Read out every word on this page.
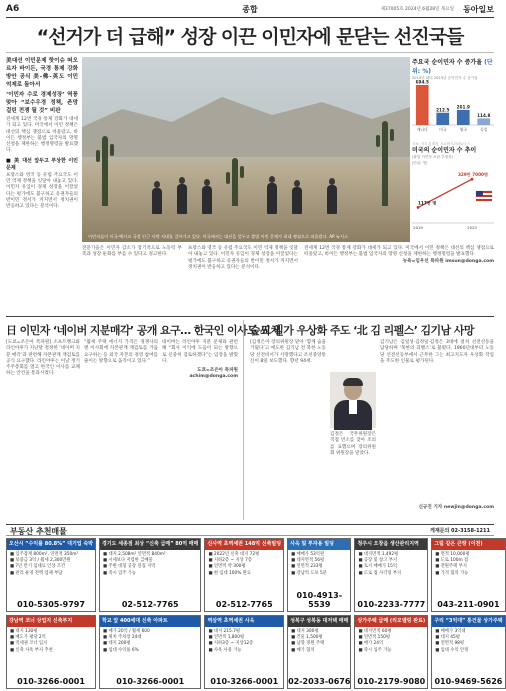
A6	종합	제37005호 2024년 6월28일 목요일 동아일보
“선거가 더 급해” 성장 이끈 이민자에 문닫는 선진국들
美대선 이민문제 핫이슈 떠오르자 바이든, 국경 통제 강화방안 공식 美-佛-英도 이민 억제로 돌아서
‘이민자 수로 경제성장’ 역풍 맞아 “보수우경 정책, 존망 걸린 전쟁 될 것” 비판

전세계 12번 국경 통제 강화가 대세가 되고 있다. 미국에서 이민 정책은 대선의 핵심 쟁점으로 떠올랐고, 바이든 행정부는 불법 입국자의 망명 신청을 제한하는 행정명령을 발표했다.

■ 美 대선 앞두고 부상한 이민 문제

프랑스와 영국 등 유럽 주요국도 이민 억제 정책을 잇달아 내놓고 있다. 이민자 유입이 경제 성장을 이끌었다는 평가에도 불구하고 유권자들의 반이민 정서가 커지면서 정치권이 반응하고 있다는 분석이다.

이민자들이 미국-멕시코 국경 인근 사막 지대를 걸어가고 있다. 미국에서는 대선을 앞두고 불법 이민 문제가 최대 쟁점으로 떠올랐다. AP 뉴시스
주요국 순이민자 수 증가율 (단위: %)
2019년 대비 2023년 순이민자 수 증가율
694.5
캐나다
212.5
미국
261.9
영국
114.8
독일
자료: 각국 통계청, 오르바크리파트너스
미국의 순이민자 수 추이
(불법 이민자 포함 추정치)
(단위: 명)
117만 명
2019
329만 7000명
2023

전문가들은 이민자 감소가 장기적으로 노동력 부족과 성장 둔화를 부를 수 있다고 경고한다.

프랑스와 영국 등 유럽 주요국도 이민 억제 정책을 잇달아 내놓고 있다. 이민자 유입이 경제 성장을 이끌었다는 평가에도 불구하고 유권자들의 반이민 정서가 커지면서 정치권이 반응하고 있다는 분석이다.

전세계 12번 국경 통제 강화가 대세가 되고 있다. 미국에서 이민 정책은 대선의 핵심 쟁점으로 떠올랐고, 바이든 행정부는 불법 입국자의 망명 신청을 제한하는 행정명령을 발표했다.

뉴욕=임우선 특파원 imsun@donga.com

日 이민자 ‘네이버 지분매각’ 공개 요구… 한국인 이사도 교체

[도쿄=조은아 특파원] 소프트뱅크와 라인야후가 지난달 결정한 ‘네이버 지분 매각’과 관련해 자본관계 재검토를 공식 요구했다. 라인야후는 이날 정기 주주총회를 열고 한국인 이사를 교체하는 안건을 통과시켰다.

“월세 주택 에너지 가격은 경쟁사의 맨 이사회에 자본관계 재검토를 거듭 요구하는 등 외국 자본의 경영 참여를 줄이는 방향으로 움직이고 있다.”

네이버는 라인야후 지분 문제와 관련해 “회사 이익에 도움이 되는 방향으로 신중히 검토하겠다”는 입장을 밝혔다.

도쿄=조은아 특파원 achim@donga.com

숲씨 일가 우상화 주도 ‘北 김 리펠스’ 김기남 사망

[김정은이 장의위원장 맡아 ‘함께 숨을 거뒀다’고 애도한 김기남 전 북한 노동당 선전비서가 사망했다고 조선중앙통신이 8일 보도했다. 향년 94세.

김기남은 김일성·김정일·김정은 3대에 걸쳐 선전선동을 담당하며 ‘북한의 괴벨스’로 불렸다. 1960년대부터 노동당 선전선동부에서 근무한 그는 최고지도자 우상화 작업을 주도한 인물로 평가된다.

김정은 국무위원장은 직접 빈소를 찾아 조의를 표했으며 장의위원회 위원장을 맡았다.

신규진 기자 newjin@donga.com
부동산 추천매물	게재문의 02-3158-1211
오산시 “수익률 80.8%” 대기업 숙박
■ 입주잠재 800m², 연면적 350m²
■ 보증금 3억 / 월세 2,300만원
■ 7년 만기 임대료 인상 조건
■ 관리 운영 전액 업체 부담
010-5305-9797
경기도 세종점 최상 “신축 급매” 80억 매매
■ 대지 2,508m² 연면적 840m²
■ 시세보다 저렴한 급매물
■ 주변 대형 공장 밀집 지역
■ 즉시 입주 가능
02-512-7765
신사역 초역세권 148억 신축빌딩
■ 2022년 신축 대지 72평
■ 지하2층 ~ 지상 7층
■ 연면적 약 300평
■ 현 임대 100% 완료
02-512-7765
사옥 및 투자용 빌딩
■ 매매가 53억원
■ 대지면적 56평
■ 연면적 233평
■ 강남역 도보 5분
010-4913-5539
청주시 오창읍 생산관리지역
■ 대지면적 1,492평
■ 공장 및 창고 부지
■ 토지 매매가 15억
■ 도로 접 사각형 부지
010-2233-7777
그림 같은 큰땅 (이천)
■ 면적 10,000평
■ 도로 100m 접
■ 전원주택 부지
■ 가격 협의 가능
043-211-0901
강남역 코너 상업지 신축부지
■ 대지 130평
■ 매도가 평당 2억
■ 역세권 코너 입지
■ 신축 사옥 부지 추천
010-3266-0001
학교 앞 400세대 신축 아파트
■ 매가 20억 / 월세 600
■ 위치 주차장 24대
■ 대지 200평
■ 임대 수익률 6%
010-3266-0001
역삼역 초역세권 사옥
■ 대지 215.7평
■ 연면적 1,800평
■ 지하3층 ~ 지상12층
■ 사옥 사용 가능
010-3266-0001
성북구 성북동 대저택 매매
■ 대지 300평
■ 건물 1,500평
■ 남향 정원 주택
■ 매가 협의
02-2033-0676
상가주택 급매 (리모델링 완료)
■ 대지면적 60평
■ 연면적 150평
■ 매가 24억
■ 즉시 입주 가능
010-2179-9080
구리 “3억대” 통건물 상가주택
■ 매매가 3억대
■ 대지 45평
■ 연면적 98평
■ 임대 수익 안정
010-9469-5626
